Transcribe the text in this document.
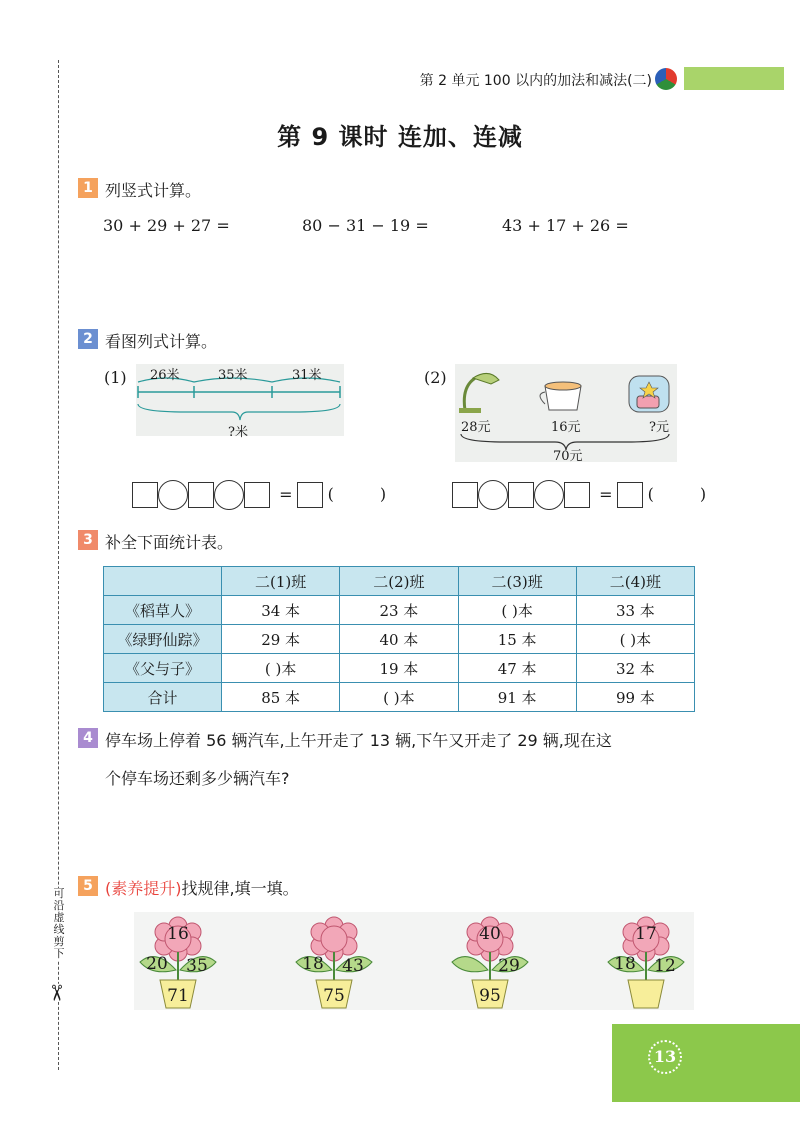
可沿虚线剪下
✂
第 2 单元 100 以内的加法和减法(二)
第 9 课时 连加、连减
1 列竖式计算。
30 + 29 + 27 =	80 − 31 − 19 =	43 + 17 + 26 =
2 看图列式计算。
(1) 26米	35米	31米
?米
(2)
28元	16元	?元
70元
= (	)	= (	)
3 补全下面统计表。
	二(1)班	二(2)班	二(3)班	二(4)班
《稻草人》	34 本	23 本	( )本	33 本
《绿野仙踪》	29 本	40 本	15 本	( )本
《父与子》	( )本	19 本	47 本	32 本
合计	85 本	( )本	91 本	99 本
4 停车场上停着 56 辆汽车,上午开走了 13 辆,下午又开走了 29 辆,现在这
个停车场还剩多少辆汽车?
5 (素养提升)找规律,填一填。
16
20 35
71
18 43
75
40
29
95
17
18 12
13
